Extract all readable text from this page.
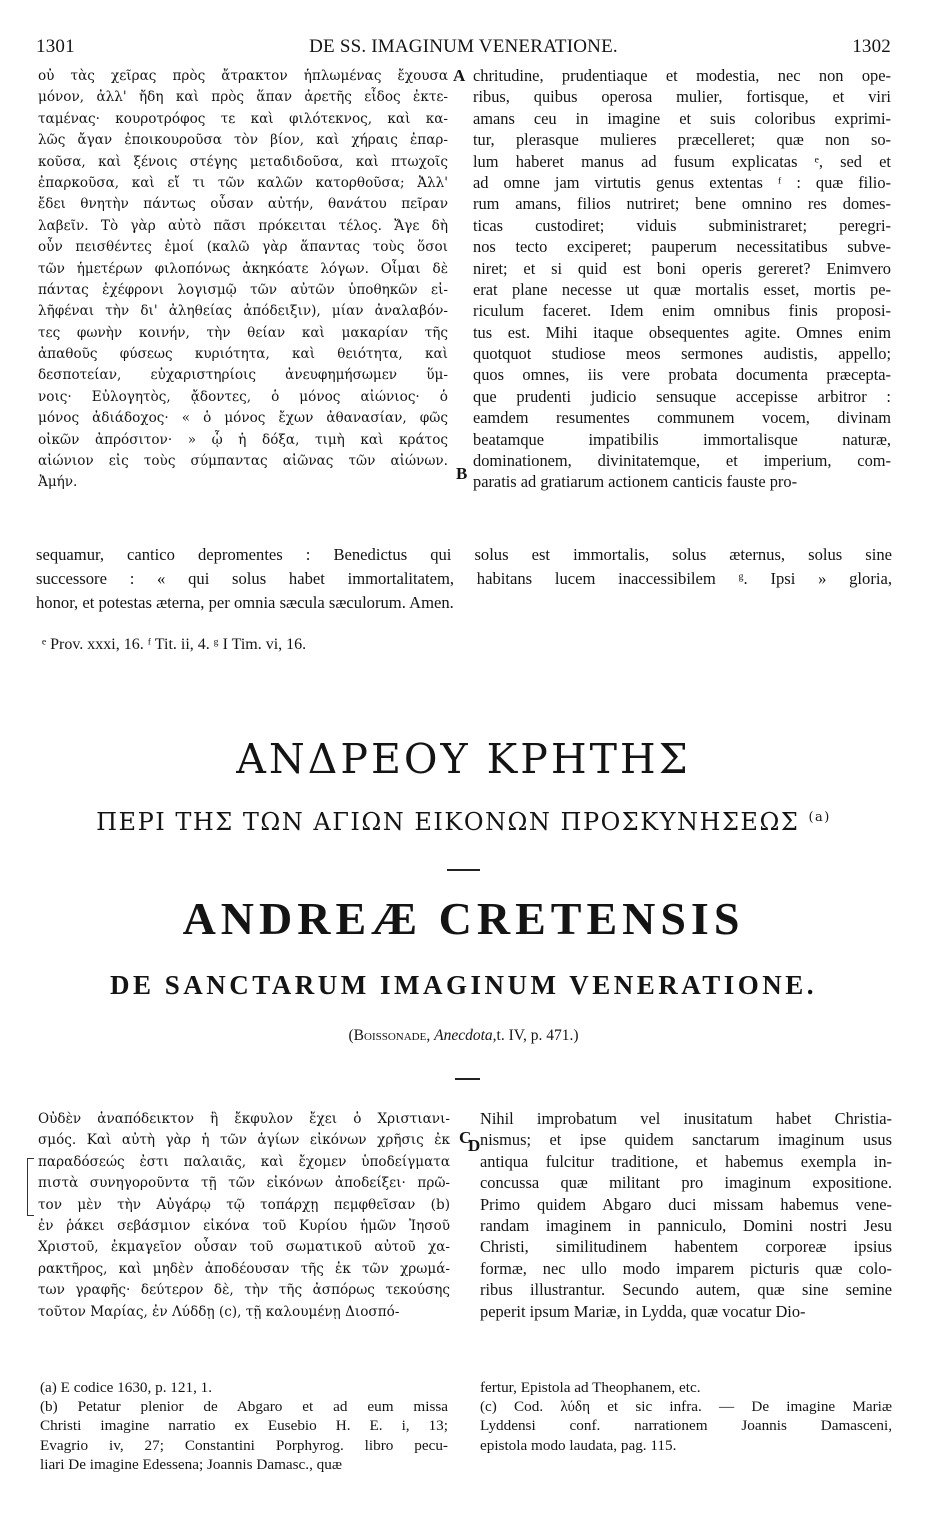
1301	DE SS. IMAGINUM VENERATIONE.	1302
οὐ τὰς χεῖρας πρὸς ἄτρακτον ἡπλωμένας ἔχουσα
μόνον, ἀλλ' ἤδη καὶ πρὸς ἅπαν ἀρετῆς εἶδος ἐκτε-
ταμένας· κουροτρόφος τε καὶ φιλότεκνος, καὶ κα-
λῶς ἄγαν ἐποικουροῦσα τὸν βίον, καὶ χήραις ἐπαρ-
κοῦσα, καὶ ξένοις στέγης μεταδιδοῦσα, καὶ πτωχοῖς
ἐπαρκοῦσα, καὶ εἴ τι τῶν καλῶν κατορθοῦσα; Ἀλλ'
ἔδει θνητὴν πάντως οὖσαν αὐτήν, θανάτου πεῖραν
λαβεῖν. Τὸ γὰρ αὐτὸ πᾶσι πρόκειται τέλος. Ἄγε δὴ
οὖν πεισθέντες ἐμοί (καλῶ γὰρ ἅπαντας τοὺς ὅσοι
τῶν ἡμετέρων φιλοπόνως ἀκηκόατε λόγων. Οἶμαι δὲ
πάντας ἐχέφρονι λογισμῷ τῶν αὐτῶν ὑποθηκῶν εἰ-
λῆφέναι τὴν δι' ἀληθείας ἀπόδειξιν), μίαν ἀναλαβόν-
τες φωνὴν κοινήν, τὴν θείαν καὶ μακαρίαν τῆς
ἀπαθοῦς φύσεως κυριότητα, καὶ θειότητα, καὶ
δεσποτείαν, εὐχαριστηρίοις ἀνευφημήσωμεν ὕμ-
νοις· Εὐλογητὸς, ᾄδοντες, ὁ μόνος αἰώνιος· ὁ
μόνος ἀδιάδοχος· « ὁ μόνος ἔχων ἀθανασίαν, φῶς
οἰκῶν ἀπρόσιτον· » ᾧ ἡ δόξα, τιμὴ καὶ κράτος
αἰώνιον εἰς τοὺς σύμπαντας αἰῶνας τῶν αἰώνων.
Ἀμήν.
chritudine, prudentiaque et modestia, nec non ope-
ribus, quibus operosa mulier, fortisque, et viri
amans ceu in imagine et suis coloribus exprimi-
tur, plerasque mulieres præcelleret; quæ non so-
lum haberet manus ad fusum explicatas ᵉ, sed et
ad omne jam virtutis genus extentas ᶠ : quæ filio-
rum amans, filios nutriret; bene omnino res domes-
ticas custodiret; viduis subministraret; peregri-
nos tecto exciperet; pauperum necessitatibus subve-
niret; et si quid est boni operis gereret? Enimvero
erat plane necesse ut quæ mortalis esset, mortis pe-
riculum faceret. Idem enim omnibus finis proposi-
tus est. Mihi itaque obsequentes agite. Omnes enim
quotquot studiose meos sermones audistis, appello;
quos omnes, iis vere probata documenta præcepta-
que prudenti judicio sensuque accepisse arbitror :
eamdem resumentes communem vocem, divinam
beatamque impatibilis immortalisque naturæ,
dominationem, divinitatemque, et imperium, com-
paratis ad gratiarum actionem canticis fauste pro-
A
B
sequamur, cantico depromentes : Benedictus qui solus est immortalis, solus æternus, solus sine
successore : « qui solus habet immortalitatem, habitans lucem inaccessibilem ᵍ. Ipsi » gloria,
honor, et potestas æterna, per omnia sæcula sæculorum. Amen.
ᵉ Prov. xxxi, 16. ᶠ Tit. ii, 4. ᵍ I Tim. vi, 16.
ΑΝΔΡΕΟΥ ΚΡΗΤΗΣ
ΠΕΡΙ ΤΗΣ ΤΩΝ ΑΓΙΩΝ ΕΙΚΟΝΩΝ ΠΡΟΣΚΥΝΗΣΕΩΣ $^{(a)}$
ANDREÆ CRETENSIS
DE SANCTARUM IMAGINUM VENERATIONE.
(Boissonade, Anecdota,t. IV, p. 471.)
Οὐδὲν ἀναπόδεικτον ἢ ἔκφυλον ἔχει ὁ Χριστιανι-
σμός. Καὶ αὐτὴ γὰρ ἡ τῶν ἁγίων εἰκόνων χρῆσις ἐκ
παραδόσεώς ἐστι παλαιᾶς, καὶ ἔχομεν ὑποδείγματα
πιστὰ συνηγοροῦντα τῇ τῶν εἰκόνων ἀποδείξει· πρῶ-
τον μὲν τὴν Αὐγάρῳ τῷ τοπάρχῃ πεμφθεῖσαν (b)
ἐν ῥάκει σεβάσμιον εἰκόνα τοῦ Κυρίου ἡμῶν Ἰησοῦ
Χριστοῦ, ἐκμαγεῖον οὖσαν τοῦ σωματικοῦ αὐτοῦ χα-
ρακτῆρος, καὶ μηδὲν ἀποδέουσαν τῆς ἐκ τῶν χρωμά-
των γραφῆς· δεύτερον δὲ, τὴν τῆς ἀσπόρως τεκούσης
τοῦτον Μαρίας, ἐν Λύδδῃ (c), τῇ καλουμένῃ Διοσπό-
Nihil improbatum vel inusitatum habet Christia-
nismus; et ipse quidem sanctarum imaginum usus
antiqua fulcitur traditione, et habemus exempla in-
concussa quæ militant pro imaginum expositione.
Primo quidem Abgaro duci missam habemus vene-
randam imaginem in panniculo, Domini nostri Jesu
Christi, similitudinem habentem corporeæ ipsius
formæ, nec ullo modo imparem picturis quæ colo-
ribus illustrantur. Secundo autem, quæ sine semine
peperit ipsum Mariæ, in Lydda, quæ vocatur Dio-
C
D
(a) E codice 1630, p. 121, 1.
(b) Petatur plenior de Abgaro et ad eum missa
Christi imagine narratio ex Eusebio H. E. i, 13;
Evagrio iv, 27; Constantini Porphyrog. libro pecu-
liari De imagine Edessena; Joannis Damasc., quæ
fertur, Epistola ad Theophanem, etc.
(c) Cod. λύδη et sic infra. — De imagine Mariæ
Lyddensi conf. narrationem Joannis Damasceni,
epistola modo laudata, pag. 115.
